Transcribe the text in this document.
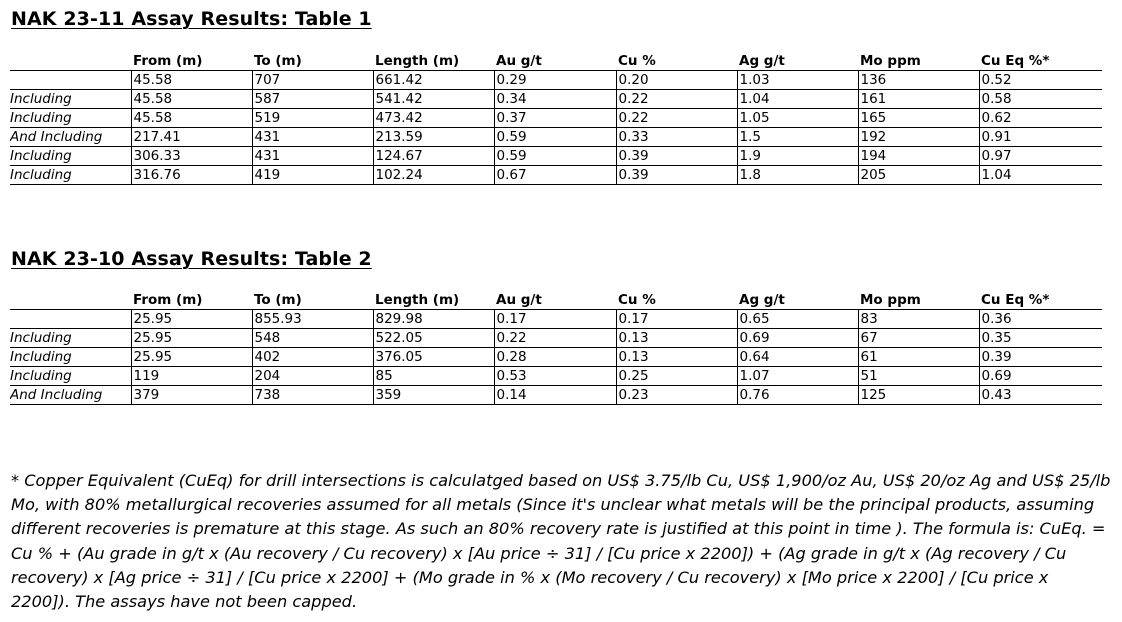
NAK 23-11 Assay Results: Table 1
	From (m)	To (m)	Length (m)	Au g/t	Cu %	Ag g/t	Mo ppm	Cu Eq %*
	45.58	707	661.42	0.29	0.20	1.03	136	0.52
Including	45.58	587	541.42	0.34	0.22	1.04	161	0.58
Including	45.58	519	473.42	0.37	0.22	1.05	165	0.62
And Including	217.41	431	213.59	0.59	0.33	1.5	192	0.91
Including	306.33	431	124.67	0.59	0.39	1.9	194	0.97
Including	316.76	419	102.24	0.67	0.39	1.8	205	1.04
NAK 23-10 Assay Results: Table 2
	From (m)	To (m)	Length (m)	Au g/t	Cu %	Ag g/t	Mo ppm	Cu Eq %*
	25.95	855.93	829.98	0.17	0.17	0.65	83	0.36
Including	25.95	548	522.05	0.22	0.13	0.69	67	0.35
Including	25.95	402	376.05	0.28	0.13	0.64	61	0.39
Including	119	204	85	0.53	0.25	1.07	51	0.69
And Including	379	738	359	0.14	0.23	0.76	125	0.43

* Copper Equivalent (CuEq) for drill intersections is calculatged based on US$ 3.75/lb Cu, US$ 1,900/oz Au, US$ 20/oz Ag and US$ 25/lb Mo, with 80% metallurgical recoveries assumed for all metals (Since it's unclear what metals will be the principal products, assuming different recoveries is premature at this stage. As such an 80% recovery rate is justified at this point in time ). The formula is: CuEq. = Cu % + (Au grade in g/t x (Au recovery / Cu recovery) x [Au price ÷ 31] / [Cu price x 2200]) + (Ag grade in g/t x (Ag recovery / Cu recovery) x [Ag price ÷ 31] / [Cu price x 2200] + (Mo grade in % x (Mo recovery / Cu recovery) x [Mo price x 2200] / [Cu price x 2200]). The assays have not been capped.
